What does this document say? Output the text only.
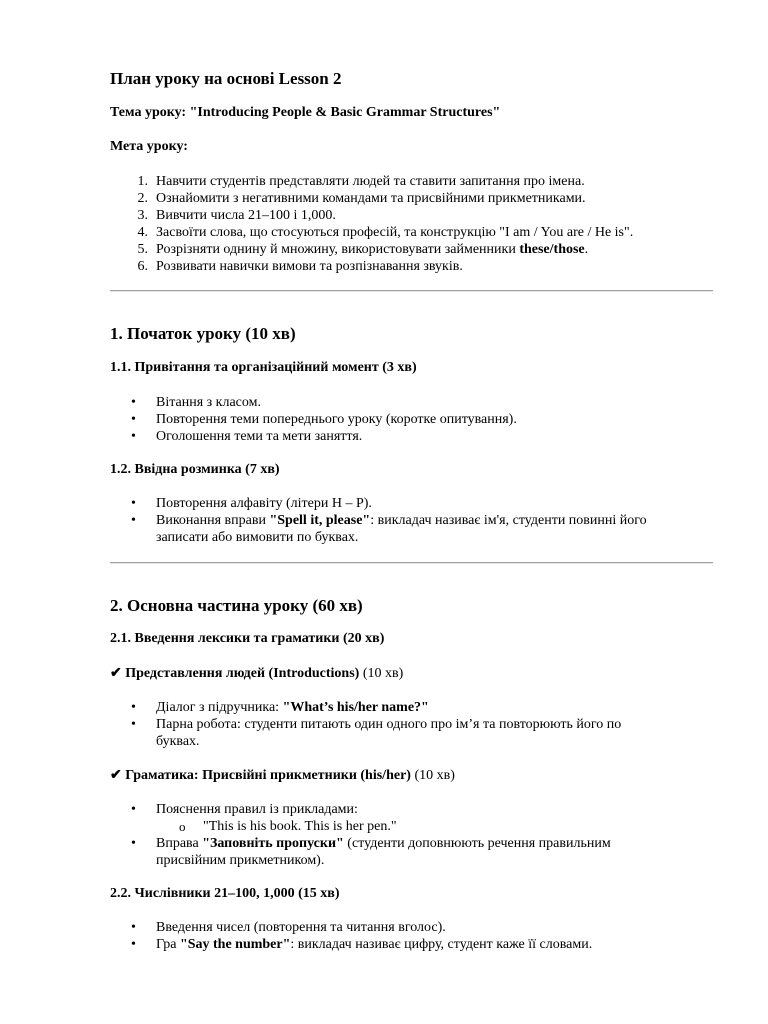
План уроку на основі Lesson 2
Тема уроку: "Introducing People & Basic Grammar Structures"
Мета уроку:
1. Навчити студентів представляти людей та ставити запитання про імена.
2. Ознайомити з негативними командами та присвійними прикметниками.
3. Вивчити числа 21–100 і 1,000.
4. Засвоїти слова, що стосуються професій, та конструкцію "I am / You are / He is".
5. Розрізняти однину й множину, використовувати займенники these/those.
6. Розвивати навички вимови та розпізнавання звуків.
1. Початок уроку (10 хв)
1.1. Привітання та організаційний момент (3 хв)
• Вітання з класом.
• Повторення теми попереднього уроку (коротке опитування).
• Оголошення теми та мети заняття.
1.2. Ввідна розминка (7 хв)
• Повторення алфавіту (літери H – P).
• Виконання вправи "Spell it, please": викладач називає ім'я, студенти повинні його
записати або вимовити по буквах.
2. Основна частина уроку (60 хв)
2.1. Введення лексики та граматики (20 хв)
✔ Представлення людей (Introductions) (10 хв)
• Діалог з підручника: "What’s his/her name?"
• Парна робота: студенти питають один одного про ім’я та повторюють його по
буквах.
✔ Граматика: Присвійні прикметники (his/her) (10 хв)
• Пояснення правил із прикладами:
o "This is his book. This is her pen."
• Вправа "Заповніть пропуски" (студенти доповнюють речення правильним
присвійним прикметником).
2.2. Числівники 21–100, 1,000 (15 хв)
• Введення чисел (повторення та читання вголос).
• Гра "Say the number": викладач називає цифру, студент каже її словами.
